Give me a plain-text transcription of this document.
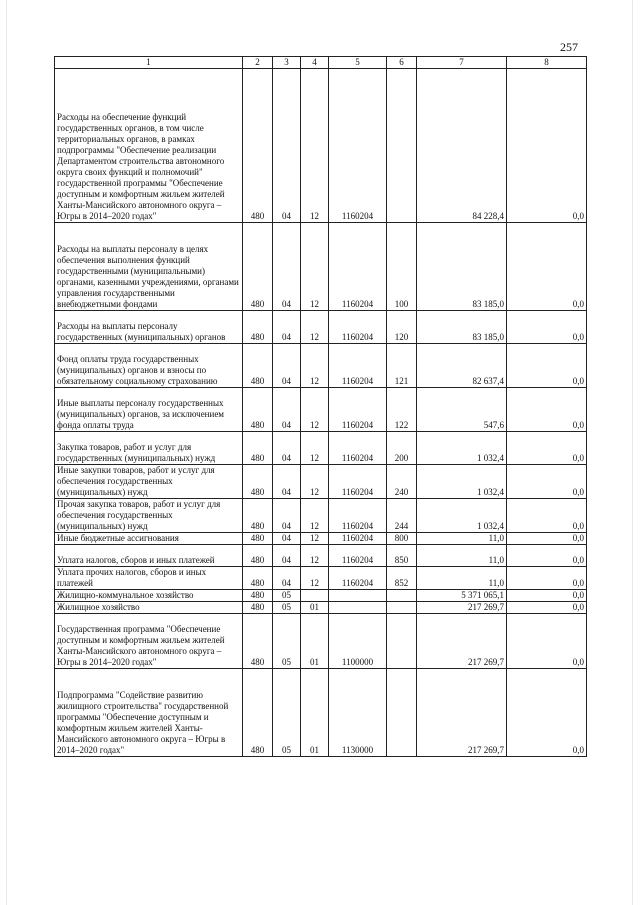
257
1	2	3	4	5	6	7	8
Расходы на обеспечение функций государственных органов, в том числе территориальных органов, в рамках подпрограммы "Обеспечение реализации Департаментом строительства автономного округа своих функций и полномочий" государственной программы "Обеспечение доступным и комфортным жильем жителей Ханты-Мансийского автономного округа – Югры в 2014–2020 годах"	480	04	12	1160204		84 228,4	0,0
Расходы на выплаты персоналу в целях обеспечения выполнения функций государственными (муниципальными) органами, казенными учреждениями, органами управления государственными внебюджетными фондами	480	04	12	1160204	100	83 185,0	0,0
Расходы на выплаты персоналу государственных (муниципальных) органов	480	04	12	1160204	120	83 185,0	0,0
Фонд оплаты труда государственных (муниципальных) органов и взносы по обязательному социальному страхованию	480	04	12	1160204	121	82 637,4	0,0
Иные выплаты персоналу государственных (муниципальных) органов, за исключением фонда оплаты труда	480	04	12	1160204	122	547,6	0,0
Закупка товаров, работ и услуг для государственных (муниципальных) нужд	480	04	12	1160204	200	1 032,4	0,0
Иные закупки товаров, работ и услуг для обеспечения государственных (муниципальных) нужд	480	04	12	1160204	240	1 032,4	0,0
Прочая закупка товаров, работ и услуг для обеспечения государственных (муниципальных) нужд	480	04	12	1160204	244	1 032,4	0,0
Иные бюджетные ассигнования	480	04	12	1160204	800	11,0	0,0
Уплата налогов, сборов и иных платежей	480	04	12	1160204	850	11,0	0,0
Уплата прочих налогов, сборов и иных платежей	480	04	12	1160204	852	11,0	0,0
Жилищно-коммунальное хозяйство	480	05				5 371 065,1	0,0
Жилищное хозяйство	480	05	01			217 269,7	0,0
Государственная программа "Обеспечение доступным и комфортным жильем жителей Ханты-Мансийского автономного округа – Югры в 2014–2020 годах"	480	05	01	1100000		217 269,7	0,0
Подпрограмма "Содействие развитию жилищного строительства" государственной программы "Обеспечение доступным и комфортным жильем жителей Ханты-Мансийского автономного округа – Югры в 2014–2020 годах"	480	05	01	1130000		217 269,7	0,0
